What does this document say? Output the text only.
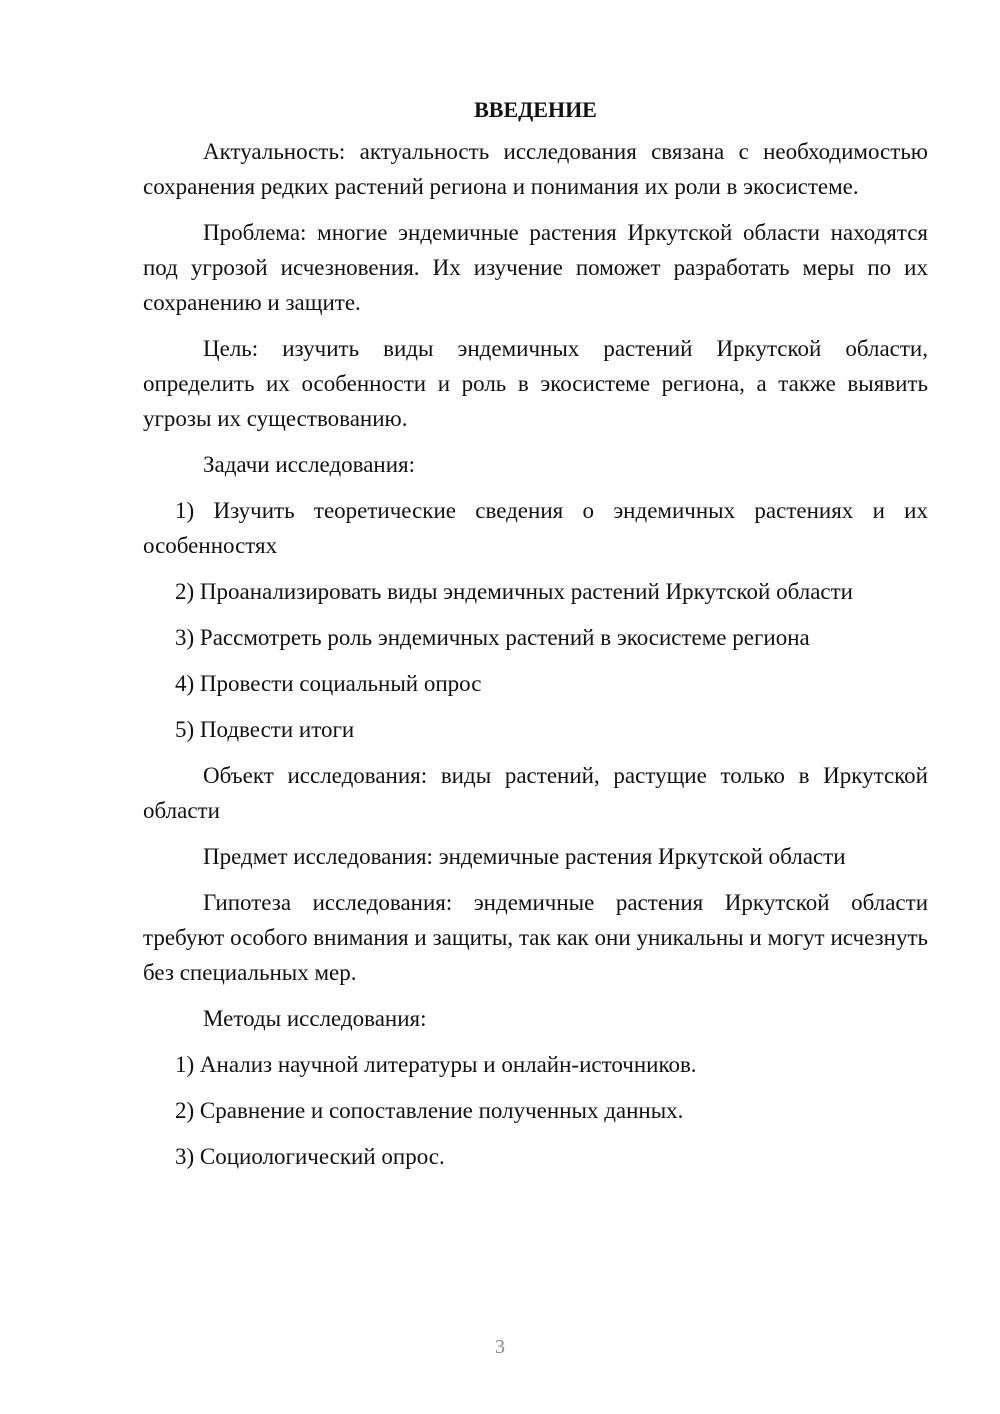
ВВЕДЕНИЕ

Актуальность: актуальность исследования связана с необходимостью сохранения редких растений региона и понимания их роли в экосистеме.

Проблема: многие эндемичные растения Иркутской области находятся под угрозой исчезновения. Их изучение поможет разработать меры по их сохранению и защите.

Цель: изучить виды эндемичных растений Иркутской области, определить их особенности и роль в экосистеме региона, а также выявить угрозы их существованию.

Задачи исследования:

1) Изучить теоретические сведения о эндемичных растениях и их особенностях

2) Проанализировать виды эндемичных растений Иркутской области

3) Рассмотреть роль эндемичных растений в экосистеме региона

4) Провести социальный опрос

5) Подвести итоги

Объект исследования: виды растений, растущие только в Иркутской области

Предмет исследования: эндемичные растения Иркутской области

Гипотеза исследования: эндемичные растения Иркутской области требуют особого внимания и защиты, так как они уникальны и могут исчезнуть без специальных мер.

Методы исследования:

1) Анализ научной литературы и онлайн-источников.

2) Сравнение и сопоставление полученных данных.

3) Социологический опрос.

3
